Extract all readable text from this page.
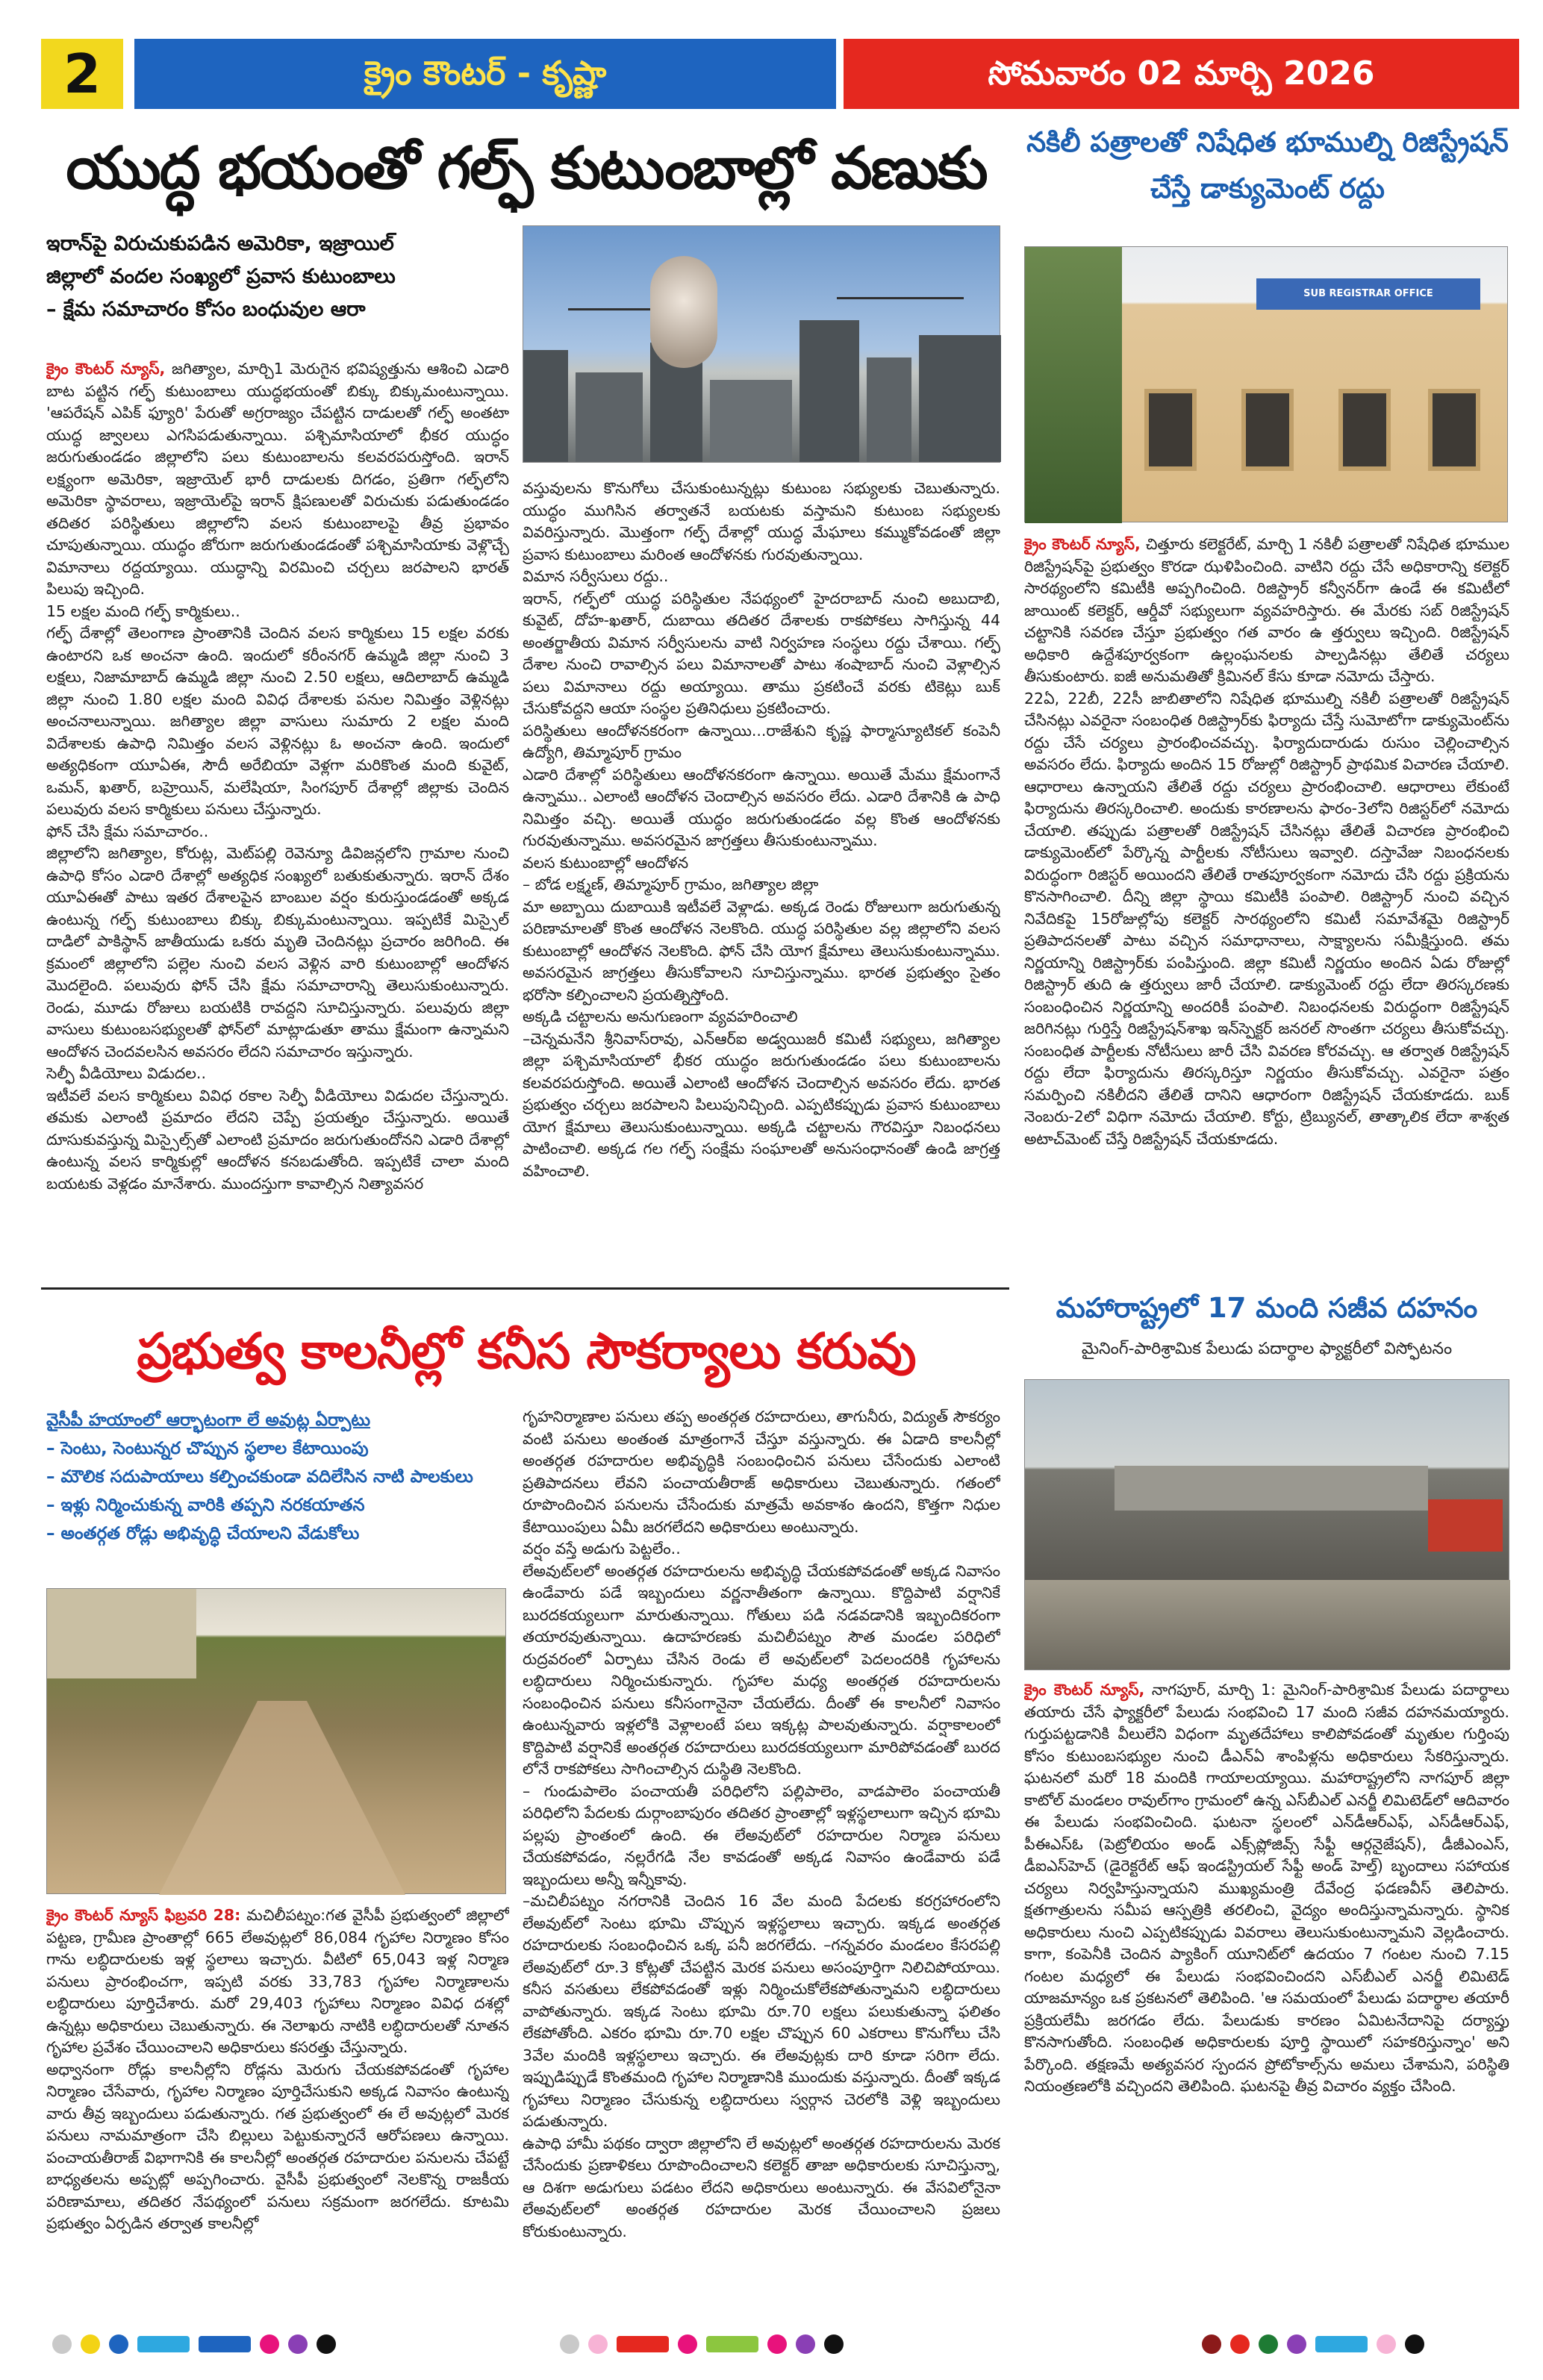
2	క్రైం కౌంటర్ - కృష్ణా	సోమవారం 02 మార్చి 2026
యుద్ధ భయంతో గల్ఫ్ కుటుంబాల్లో వణుకు
ఇరాన్‌పై విరుచుకుపడిన అమెరికా, ఇజ్రాయిల్
జిల్లాలో వందల సంఖ్యలో ప్రవాస కుటుంబాలు
– క్షేమ సమాచారం కోసం బంధువుల ఆరా
క్రైం కౌంటర్ న్యూస్, జగిత్యాల, మార్చి1 మెరుగైన భవిష్యత్తును ఆశించి ఎడారి బాట పట్టిన గల్ఫ్ కుటుంబాలు యుద్ధభయంతో బిక్కు బిక్కుమంటున్నాయి. 'ఆపరేషన్ ఎపిక్ ఫ్యూరి' పేరుతో అగ్రరాజ్యం చేపట్టిన దాడులతో గల్ఫ్ అంతటా యుద్ధ జ్వాలలు ఎగసిపడుతున్నాయి. పశ్చిమాసియాలో భీకర యుద్ధం జరుగుతుండడం జిల్లాలోని పలు కుటుంబాలను కలవరపరుస్తోంది. ఇరాన్ లక్ష్యంగా అమెరికా, ఇజ్రాయెల్ భారీ దాడులకు దిగడం, ప్రతిగా గల్ఫ్‌లోని అమెరికా స్థావరాలు, ఇజ్రాయెల్‌పై ఇరాన్ క్షిపణులతో విరుచుకు పడుతుండడం తదితర పరిస్థితులు జిల్లాలోని వలస కుటుంబాలపై తీవ్ర ప్రభావం చూపుతున్నాయి. యుద్ధం జోరుగా జరుగుతుండడంతో పశ్చిమాసియాకు వెళ్లొచ్చే విమానాలు రద్దయ్యాయి. యుద్ధాన్ని విరమించి చర్చలు జరపాలని భారత్ పిలుపు ఇచ్చింది.
15 లక్షల మంది గల్ఫ్ కార్మికులు..
గల్ఫ్ దేశాల్లో తెలంగాణ ప్రాంతానికి చెందిన వలస కార్మికులు 15 లక్షల వరకు ఉంటారని ఒక అంచనా ఉంది. ఇందులో కరీంనగర్ ఉమ్మడి జిల్లా నుంచి 3 లక్షలు, నిజామాబాద్ ఉమ్మడి జిల్లా నుంచి 2.50 లక్షలు, ఆదిలాబాద్ ఉమ్మడి జిల్లా నుంచి 1.80 లక్షల మంది వివిధ దేశాలకు పనుల నిమిత్తం వెళ్లినట్లు అంచనాలున్నాయి. జగిత్యాల జిల్లా వాసులు సుమారు 2 లక్షల మంది విదేశాలకు ఉపాధి నిమిత్తం వలస వెళ్లినట్లు ఓ అంచనా ఉంది. ఇందులో అత్యధికంగా యూఏఈ, సౌదీ అరేబియా వెళ్లగా మరికొంత మంది కువైట్, ఒమన్, ఖతార్, బహ్రెయిన్, మలేషియా, సింగపూర్ దేశాల్లో జిల్లాకు చెందిన పలువురు వలస కార్మికులు పనులు చేస్తున్నారు.
ఫోన్ చేసి క్షేమ సమాచారం..
జిల్లాలోని జగిత్యాల, కోరుట్ల, మెట్‌పల్లి రెవెన్యూ డివిజన్లలోని గ్రామాల నుంచి ఉపాధి కోసం ఎడారి దేశాల్లో అత్యధిక సంఖ్యలో బతుకుతున్నారు. ఇరాన్ దేశం యూఏఈతో పాటు ఇతర దేశాలపైన బాంబుల వర్షం కురుస్తుండడంతో అక్కడ ఉంటున్న గల్ఫ్ కుటుంబాలు బిక్కు బిక్కుమంటున్నాయి. ఇప్పటికే మిస్సైల్ దాడిలో పాకిస్థాన్ జాతీయుడు ఒకరు మృతి చెందినట్లు ప్రచారం జరిగింది. ఈ క్రమంలో జిల్లాలోని పల్లెల నుంచి వలస వెళ్లిన వారి కుటుంబాల్లో ఆందోళన మొదలైంది. పలువురు ఫోన్ చేసి క్షేమ సమాచారాన్ని తెలుసుకుంటున్నారు. రెండు, మూడు రోజులు బయటికి రావద్దని సూచిస్తున్నారు. పలువురు జిల్లా వాసులు కుటుంబసభ్యులతో ఫోన్‌లో మాట్లాడుతూ తాము క్షేమంగా ఉన్నామని ఆందోళన చెందవలసిన అవసరం లేదని సమాచారం ఇస్తున్నారు.
సెల్ఫీ వీడియోలు విడుదల..
ఇటీవలే వలస కార్మికులు వివిధ రకాల సెల్ఫీ వీడియోలు విడుదల చేస్తున్నారు. తమకు ఎలాంటి ప్రమాదం లేదని చెప్పే ప్రయత్నం చేస్తున్నారు. అయితే దూసుకువస్తున్న మిస్సైల్స్‌తో ఎలాంటి ప్రమాదం జరుగుతుందోనని ఎడారి దేశాల్లో ఉంటున్న వలస కార్మికుల్లో ఆందోళన కనబడుతోంది. ఇప్పటికే చాలా మంది బయటకు వెళ్లడం మానేశారు. ముందస్తుగా కావాల్సిన నిత్యావసర
వస్తువులను కొనుగోలు చేసుకుంటున్నట్లు కుటుంబ సభ్యులకు చెబుతున్నారు. యుద్ధం ముగిసిన తర్వాతనే బయటకు వస్తామని కుటుంబ సభ్యులకు వివరిస్తున్నారు. మొత్తంగా గల్ఫ్ దేశాల్లో యుద్ధ మేఘాలు కమ్ముకోవడంతో జిల్లా ప్రవాస కుటుంబాలు మరింత ఆందోళనకు గురవుతున్నాయి.
విమాన సర్వీసులు రద్దు..
ఇరాన్, గల్ఫ్‌లో యుద్ధ పరిస్థితుల నేపథ్యంలో హైదరాబాద్ నుంచి అబుదాబి, కువైట్, దోహ-ఖతార్, దుబాయి తదితర దేశాలకు రాకపోకలు సాగిస్తున్న 44 అంతర్జాతీయ విమాన సర్వీసులను వాటి నిర్వహణ సంస్థలు రద్దు చేశాయి. గల్ఫ్ దేశాల నుంచి రావాల్సిన పలు విమానాలతో పాటు శంషాబాద్ నుంచి వెళ్లాల్సిన పలు విమానాలు రద్దు అయ్యాయి. తాము ప్రకటించే వరకు టికెట్లు బుక్ చేసుకోవద్దని ఆయా సంస్థల ప్రతినిధులు ప్రకటించారు.
పరిస్థితులు ఆందోళనకరంగా ఉన్నాయి...రాజేశుని కృష్ణ ఫార్మాస్యూటికల్ కంపెనీ ఉద్యోగి, తిమ్మాపూర్ గ్రామం
ఎడారి దేశాల్లో పరిస్థితులు ఆందోళనకరంగా ఉన్నాయి. అయితే మేము క్షేమంగానే ఉన్నాము.. ఎలాంటి ఆందోళన చెందాల్సిన అవసరం లేదు. ఎడారి దేశానికి ఉ పాధి నిమిత్తం వచ్చి. అయితే యుద్ధం జరుగుతుండడం వల్ల కొంత ఆందోళనకు గురవుతున్నాము. అవసరమైన జాగ్రత్తలు తీసుకుంటున్నాము.
వలస కుటుంబాల్లో ఆందోళన
– బోడ లక్ష్మణ్, తిమ్మాపూర్ గ్రామం, జగిత్యాల జిల్లా
మా అబ్బాయి దుబాయికి ఇటీవలే వెళ్లాడు. అక్కడ రెండు రోజులుగా జరుగుతున్న పరిణామాలతో కొంత ఆందోళన నెలకొంది. యుద్ధ పరిస్థితుల వల్ల జిల్లాలోని వలస కుటుంబాల్లో ఆందోళన నెలకొంది. ఫోన్ చేసి యోగ క్షేమాలు తెలుసుకుంటున్నాము. అవసరమైన జాగ్రత్తలు తీసుకోవాలని సూచిస్తున్నాము. భారత ప్రభుత్వం సైతం భరోసా కల్పించాలని ప్రయత్నిస్తోంది.
అక్కడి చట్టాలను అనుగుణంగా వ్యవహరించాలి
–చెన్నమనేని శ్రీనివాస్‌రావు, ఎన్ఆర్ఐ అడ్వయిజరీ కమిటీ సభ్యులు, జగిత్యాల జిల్లా పశ్చిమాసియాలో భీకర యుద్ధం జరుగుతుండడం పలు కుటుంబాలను కలవరపరుస్తోంది. అయితే ఎలాంటి ఆందోళన చెందాల్సిన అవసరం లేదు. భారత ప్రభుత్వం చర్చలు జరపాలని పిలుపునిచ్చింది. ఎప్పటికప్పుడు ప్రవాస కుటుంబాలు యోగ క్షేమాలు తెలుసుకుంటున్నాయి. అక్కడి చట్టాలను గౌరవిస్తూ నిబంధనలు పాటించాలి. అక్కడ గల గల్ఫ్ సంక్షేమ సంఘాలతో అనుసంధానంతో ఉండి జాగ్రత్త వహించాలి.
నకిలీ పత్రాలతో నిషేధిత భూముల్ని రిజిస్ట్రేషన్ చేస్తే డాక్యుమెంట్ రద్దు
SUB REGISTRAR OFFICE
క్రైం కౌంటర్ న్యూస్, చిత్తూరు కలెక్టరేట్, మార్చి 1 నకిలీ పత్రాలతో నిషేధిత భూముల రిజిస్ట్రేషన్‌పై ప్రభుత్వం కొరడా ఝళిపించింది. వాటిని రద్దు చేసే అధికారాన్ని కలెక్టర్ సారథ్యంలోని కమిటీకి అప్పగించింది. రిజిస్ట్రార్ కన్వీనర్‌గా ఉండే ఈ కమిటీలో జాయింట్ కలెక్టర్, ఆర్డీవో సభ్యులుగా వ్యవహరిస్తారు. ఈ మేరకు సబ్ రిజిస్ట్రేషన్ చట్టానికి సవరణ చేస్తూ ప్రభుత్వం గత వారం ఉ త్తర్వులు ఇచ్చింది. రిజిస్ట్రేషన్ అధికారి ఉద్దేశపూర్వకంగా ఉల్లంఘనలకు పాల్పడినట్లు తేలితే చర్యలు తీసుకుంటారు. ఐజీ అనుమతితో క్రిమినల్ కేసు కూడా నమోదు చేస్తారు.
22ఏ, 22బీ, 22సీ జాబితాలోని నిషేధిత భూముల్ని నకిలీ పత్రాలతో రిజిస్ట్రేషన్ చేసినట్లు ఎవరైనా సంబంధిత రిజిస్ట్రార్‌కు ఫిర్యాదు చేస్తే సుమోటోగా డాక్యుమెంట్‌ను రద్దు చేసే చర్యలు ప్రారంభించవచ్చు. ఫిర్యాదుదారుడు రుసుం చెల్లించాల్సిన అవసరం లేదు. ఫిర్యాదు అందిన 15 రోజుల్లో రిజిస్ట్రార్ ప్రాథమిక విచారణ చేయాలి. ఆధారాలు ఉన్నాయని తేలితే రద్దు చర్యలు ప్రారంభించాలి. ఆధారాలు లేకుంటే ఫిర్యాదును తిరస్కరించాలి. అందుకు కారణాలను ఫారం-3లోని రిజిస్టర్‌లో నమోదు చేయాలి. తప్పుడు పత్రాలతో రిజిస్ట్రేషన్ చేసినట్లు తేలితే విచారణ ప్రారంభించి డాక్యుమెంట్‌లో పేర్కొన్న పార్టీలకు నోటీసులు ఇవ్వాలి. దస్తావేజు నిబంధనలకు విరుద్ధంగా రిజిస్టర్ అయిందని తేలితే రాతపూర్వకంగా నమోదు చేసి రద్దు ప్రక్రియను కొనసాగించాలి. దీన్ని జిల్లా స్థాయి కమిటీకి పంపాలి. రిజిస్ట్రార్ నుంచి వచ్చిన నివేదికపై 15రోజుల్లోపు కలెక్టర్ సారథ్యంలోని కమిటీ సమావేశమై రిజిస్ట్రార్ ప్రతిపాదనలతో పాటు వచ్చిన సమాధానాలు, సాక్ష్యాలను సమీక్షిస్తుంది. తమ నిర్ణయాన్ని రిజిస్ట్రార్‌కు పంపిస్తుంది. జిల్లా కమిటీ నిర్ణయం అందిన ఏడు రోజుల్లో రిజిస్ట్రార్ తుది ఉ త్తర్వులు జారీ చేయాలి. డాక్యుమెంట్ రద్దు లేదా తిరస్కరణకు సంబంధించిన నిర్ణయాన్ని అందరికీ పంపాలి. నిబంధనలకు విరుద్ధంగా రిజిస్ట్రేషన్ జరిగినట్లు గుర్తిస్తే రిజిస్ట్రేషన్‌శాఖ ఇన్‌స్పెక్టర్ జనరల్ సొంతగా చర్యలు తీసుకోవచ్చు. సంబంధిత పార్టీలకు నోటీసులు జారీ చేసి వివరణ కోరవచ్చు. ఆ తర్వాత రిజిస్ట్రేషన్ రద్దు లేదా ఫిర్యాదును తిరస్కరిస్తూ నిర్ణయం తీసుకోవచ్చు. ఎవరైనా పత్రం సమర్పించి నకిలీదని తేలితే దానిని ఆధారంగా రిజిస్ట్రేషన్ చేయకూడదు. బుక్ నెంబరు-2లో విధిగా నమోదు చేయాలి. కోర్టు, ట్రిబ్యునల్, తాత్కాలిక లేదా శాశ్వత అటాచ్‌మెంట్ చేస్తే రిజిస్ట్రేషన్ చేయకూడదు.
మహారాష్ట్రలో 17 మంది సజీవ దహనం
మైనింగ్-పారిశ్రామిక పేలుడు పదార్థాల ఫ్యాక్టరీలో విస్ఫోటనం
క్రైం కౌంటర్ న్యూస్, నాగపూర్, మార్చి 1: మైనింగ్-పారిశ్రామిక పేలుడు పదార్థాలు తయారు చేసే ఫ్యాక్టరీలో పేలుడు సంభవించి 17 మంది సజీవ దహనమయ్యారు. గుర్తుపట్టడానికి వీలులేని విధంగా మృతదేహాలు కాలిపోవడంతో మృతుల గుర్తింపు కోసం కుటుంబసభ్యుల నుంచి డీఎన్ఏ శాంపిళ్లను అధికారులు సేకరిస్తున్నారు. ఘటనలో మరో 18 మందికి గాయాలయ్యాయి. మహారాష్ట్రలోని నాగపూర్ జిల్లా కాటోల్ మండలం రావుల్‌గాం గ్రామంలో ఉన్న ఎస్‌బీఎల్ ఎనర్జీ లిమిటెడ్‌లో ఆదివారం ఈ పేలుడు సంభవించింది. ఘటనా స్థలంలో ఎన్‌డీఆర్ఎఫ్, ఎస్‌డీఆర్ఎఫ్, పీఈఎస్ఓ (పెట్రోలియం అండ్ ఎక్స్‌ప్లోజివ్స్ సేఫ్టీ ఆర్గనైజేషన్), డీజీఎంఎస్, డీఐఎస్‌హెచ్ (డైరెక్టరేట్ ఆఫ్ ఇండస్ట్రియల్ సేఫ్టీ అండ్ హెల్త్) బృందాలు సహాయక చర్యలు నిర్వహిస్తున్నాయని ముఖ్యమంత్రి దేవేంద్ర ఫడణవీస్ తెలిపారు. క్షతగాత్రులను సమీప ఆస్పత్రికి తరలించి, వైద్యం అందిస్తున్నామన్నారు. స్థానిక అధికారులు నుంచి ఎప్పటికప్పుడు వివరాలు తెలుసుకుంటున్నామని వెల్లడించారు. కాగా, కంపెనీకి చెందిన ప్యాకింగ్ యూనిట్‌లో ఉదయం 7 గంటల నుంచి 7.15 గంటల మధ్యలో ఈ పేలుడు సంభవించిందని ఎస్‌బీఎల్ ఎనర్జీ లిమిటెడ్ యాజమాన్యం ఒక ప్రకటనలో తెలిపింది. 'ఆ సమయంలో పేలుడు పదార్థాల తయారీ ప్రక్రియలేమీ జరగడం లేదు. పేలుడుకు కారణం ఏమిటనేదానిపై దర్యాప్తు కొనసాగుతోంది. సంబంధిత అధికారులకు పూర్తి స్థాయిలో సహకరిస్తున్నాం' అని పేర్కొంది. తక్షణమే అత్యవసర స్పందన ప్రోటోకాల్స్‌ను అమలు చేశామని, పరిస్థితి నియంత్రణలోకి వచ్చిందని తెలిపింది. ఘటనపై తీవ్ర విచారం వ్యక్తం చేసింది.
ప్రభుత్వ కాలనీల్లో కనీస సౌకర్యాలు కరువు
వైసీపీ హయాంలో ఆర్భాటంగా లే అవుట్ల ఏర్పాటు
– సెంటు, సెంటున్నర చొప్పున స్థలాల కేటాయింపు
– మౌలిక సదుపాయాలు కల్పించకుండా వదిలేసిన నాటి పాలకులు
– ఇళ్లు నిర్మించుకున్న వారికి తప్పని నరకయాతన
– అంతర్గత రోడ్లు అభివృద్ధి చేయాలని వేడుకోలు
క్రైం కౌంటర్ న్యూస్ ఫిబ్రవరి 28: మచిలీపట్నం:గత వైసీపీ ప్రభుత్వంలో జిల్లాలో పట్టణ, గ్రామీణ ప్రాంతాల్లో 665 లేఅవుట్లలో 86,084 గృహాల నిర్మాణం కోసం గాను లబ్ధిదారులకు ఇళ్ల స్థలాలు ఇచ్చారు. వీటిలో 65,043 ఇళ్ల నిర్మాణ పనులు ప్రారంభించగా, ఇప్పటి వరకు 33,783 గృహాల నిర్మాణాలను లబ్ధిదారులు పూర్తిచేశారు. మరో 29,403 గృహాలు నిర్మాణం వివిధ దశల్లో ఉన్నట్లు అధికారులు చెబుతున్నారు. ఈ నెలాఖరు నాటికి లబ్ధిదారులతో నూతన గృహాల ప్రవేశం చేయించాలని అధికారులు కసరత్తు చేస్తున్నారు.
అధ్వానంగా రోడ్లు కాలనీల్లోని రోడ్లను మెరుగు చేయకపోవడంతో గృహాల నిర్మాణం చేసేవారు, గృహాల నిర్మాణం పూర్తిచేసుకుని అక్కడ నివాసం ఉంటున్న వారు తీవ్ర ఇబ్బందులు పడుతున్నారు. గత ప్రభుత్వంలో ఈ లే అవుట్లలో మెరక పనులు నామమాత్రంగా చేసి బిల్లులు పెట్టుకున్నారనే ఆరోపణలు ఉన్నాయి. పంచాయతీరాజ్ విభాగానికి ఈ కాలనీల్లో అంతర్గత రహదారుల పనులను చేపట్టే బాధ్యతలను అప్పట్లో అప్పగించారు. వైసీపీ ప్రభుత్వంలో నెలకొన్న రాజకీయ పరిణామాలు, తదితర నేపథ్యంలో పనులు సక్రమంగా జరగలేదు. కూటమి ప్రభుత్వం ఏర్పడిన తర్వాత కాలనీల్లో
గృహనిర్మాణాల పనులు తప్ప అంతర్గత రహదారులు, తాగునీరు, విద్యుత్ సౌకర్యం వంటి పనులు అంతంత మాత్రంగానే చేస్తూ వస్తున్నారు. ఈ ఏడాది కాలనీల్లో అంతర్గత రహదారుల అభివృద్ధికి సంబంధించిన పనులు చేసేందుకు ఎలాంటి ప్రతిపాదనలు లేవని పంచాయతీరాజ్ అధికారులు చెబుతున్నారు. గతంలో రూపొందించిన పనులను చేసేందుకు మాత్రమే అవకాశం ఉందని, కొత్తగా నిధుల కేటాయింపులు ఏమీ జరగలేదని అధికారులు అంటున్నారు.
వర్షం వస్తే అడుగు పెట్టలేం..
లేఅవుట్‌లలో అంతర్గత రహదారులను అభివృద్ధి చేయకపోవడంతో అక్కడ నివాసం ఉండేవారు పడే ఇబ్బందులు వర్ణనాతీతంగా ఉన్నాయి. కొద్దిపాటి వర్షానికే బురదకయ్యలుగా మారుతున్నాయి. గోతులు పడి నడవడానికి ఇబ్బందికరంగా తయారవుతున్నాయి. ఉదాహరణకు మచిలీపట్నం సౌత మండల పరిధిలో రుద్రవరంలో ఏర్పాటు చేసిన రెండు లే అవుట్‌లలో పెదలందరికి గృహాలను లబ్ధిదారులు నిర్మించుకున్నారు. గృహాల మధ్య అంతర్గత రహదారులను సంబంధించిన పనులు కనీసంగానైనా చేయలేదు. దీంతో ఈ కాలనీలో నివాసం ఉంటున్నవారు ఇళ్లలోకి వెళ్లాలంటే పలు ఇక్కట్ల పాలవుతున్నారు. వర్షాకాలంలో కొద్దిపాటి వర్షానికే అంతర్గత రహదారులు బురదకయ్యలుగా మారిపోవడంతో బురద లోనే రాకపోకలు సాగించాల్సిన దుస్థితి నెలకొంది.
– గుండుపాలెం పంచాయతీ పరిధిలోని పల్లిపాలెం, వాడపాలెం పంచాయతీ పరిధిలోని పేదలకు దుర్గాంబాపురం తదితర ప్రాంతాల్లో ఇళ్లస్థలాలుగా ఇచ్చిన భూమి పల్లపు ప్రాంతంలో ఉంది. ఈ లేఅవుట్‌లో రహదారుల నిర్మాణ పనులు చేయకపోవడం, నల్లరేగడి నేల కావడంతో అక్కడ నివాసం ఉండేవారు పడే ఇబ్బందులు అన్నీ ఇన్నీకావు.
–మచిలీపట్నం నగరానికి చెందిన 16 వేల మంది పేదలకు కరగ్రహారంలోని లేఅవుట్‌లో సెంటు భూమి చొప్పున ఇళ్లస్థలాలు ఇచ్చారు. ఇక్కడ అంతర్గత రహదారులకు సంబంధించిన ఒక్క పనీ జరగలేదు. –గన్నవరం మండలం కేసరపల్లి లేఅవుట్‌లో రూ.3 కోట్లతో చేపట్టిన మెరక పనులు అసంపూర్తిగా నిలిచిపోయాయి. కనీస వసతులు లేకపోవడంతో ఇళ్లు నిర్మించుకోలేకపోతున్నామని లబ్ధిదారులు వాపోతున్నారు. ఇక్కడ సెంటు భూమి రూ.70 లక్షలు పలుకుతున్నా ఫలితం లేకపోతోంది. ఎకరం భూమి రూ.70 లక్షల చొప్పున 60 ఎకరాలు కొనుగోలు చేసి 3వేల మందికి ఇళ్లస్థలాలు ఇచ్చారు. ఈ లేఅవుట్లకు దారి కూడా సరిగా లేదు. ఇప్పుడిప్పుడే కొంతమంది గృహాల నిర్మాణానికి ముందుకు వస్తున్నారు. దీంతో ఇక్కడ గృహాలు నిర్మాణం చేసుకున్న లబ్ధిదారులు స్వర్గాన చెరలోకి వెళ్లి ఇబ్బందులు పడుతున్నారు.
ఉపాధి హామీ పథకం ద్వారా జిల్లాలోని లే అవుట్లలో అంతర్గత రహదారులను మెరక చేసేందుకు ప్రణాళికలు రూపొందించాలని కలెక్టర్ తాజా అధికారులకు సూచిస్తున్నా, ఆ దిశగా అడుగులు పడటం లేదని అధికారులు అంటున్నారు. ఈ వేసవిలోనైనా లేఅవుట్‌లలో అంతర్గత రహదారుల మెరక చేయించాలని ప్రజలు కోరుకుంటున్నారు.
